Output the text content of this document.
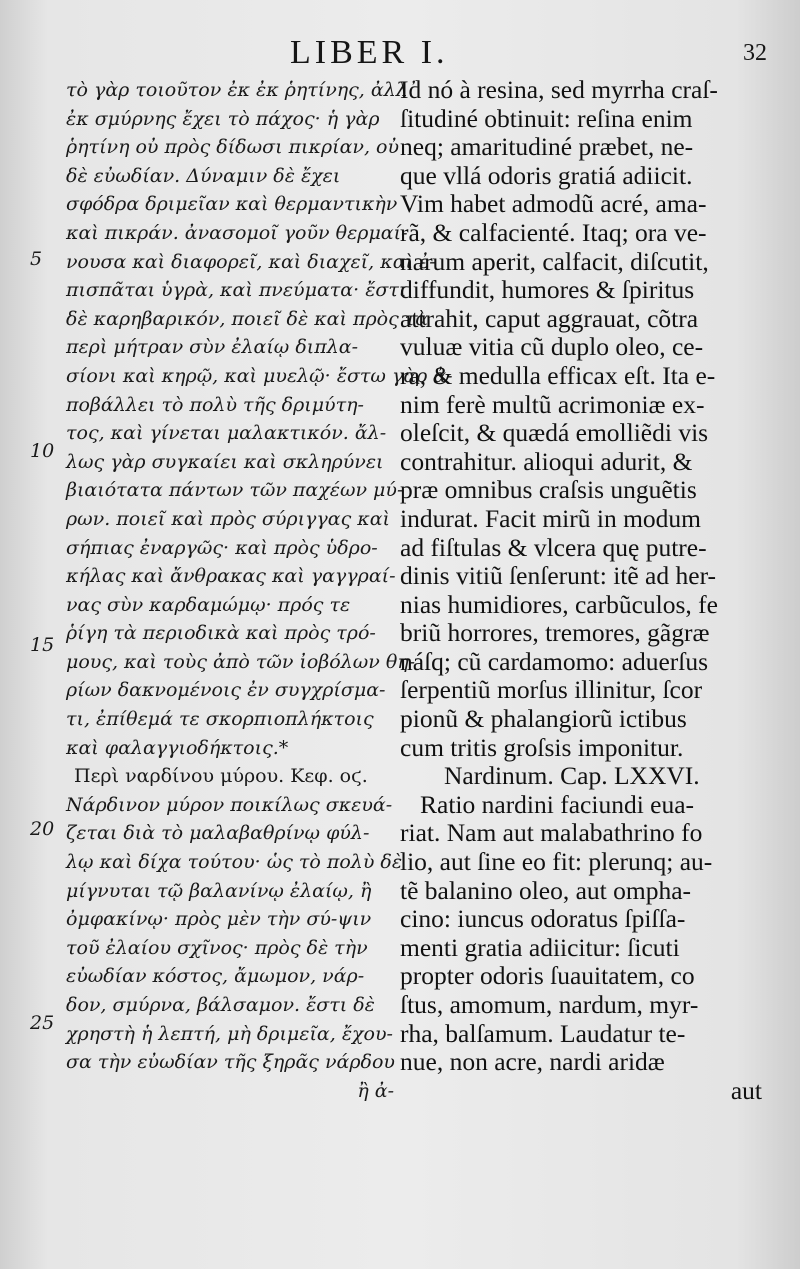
LIBER I.	32
5
10
15
20
25
τὸ γὰρ τοιοῦτον ἐκ ἐκ ῥητίνης, ἀλλ᾽
ἐκ σμύρνης ἔχει τὸ πάχος· ἡ γὰρ
ῥητίνη οὐ πρὸς δίδωσι πικρίαν, οὐ
δὲ εὐωδίαν. Δύναμιν δὲ ἔχει
σφόδρα δριμεῖαν καὶ θερμαντικὴν
καὶ πικράν. ἀνασομοῖ γοῦν θερμαί-
νουσα καὶ διαφορεῖ, καὶ διαχεῖ, καὶ ἐ-
πισπᾶται ὑγρὰ, καὶ πνεύματα· ἔστι
δὲ καρηβαρικόν, ποιεῖ δὲ καὶ πρὸς τὰ
περὶ μήτραν σὺν ἐλαίῳ διπλα-
σίονι καὶ κηρῷ, καὶ μυελῷ· ἔστω γὰρ ἀ-
ποβάλλει τὸ πολὺ τῆς δριμύτη-
τος, καὶ γίνεται μαλακτικόν. ἄλ-
λως γὰρ συγκαίει καὶ σκληρύνει
βιαιότατα πάντων τῶν παχέων μύ-
ρων. ποιεῖ καὶ πρὸς σύριγγας καὶ
σήπιας ἐναργῶς· καὶ πρὸς ὑδρο-
κήλας καὶ ἄνθρακας καὶ γαγγραί-
νας σὺν καρδαμώμῳ· πρός τε
ῥίγη τὰ περιοδικὰ καὶ πρὸς τρό-
μους, καὶ τοὺς ἀπὸ τῶν ἰοβόλων θη-
ρίων δακνομένοις ἐν συγχρίσμα-
τι, ἐπίθεμά τε σκορπιοπλήκτοις
καὶ φαλαγγιοδήκτοις.*
Περὶ ναρδίνου μύρου. Κεφ. οϛ.
Νάρδινον μύρον ποικίλως σκευά-
ζεται διὰ τὸ μαλαβαθρίνῳ φύλ-
λῳ καὶ δίχα τούτου· ὡς τὸ πολὺ δὲ
μίγνυται τῷ βαλανίνῳ ἐλαίῳ, ἢ
ὀμφακίνῳ· πρὸς μὲν τὴν σύ-ψιν
τοῦ ἐλαίου σχῖνος· πρὸς δὲ τὴν
εὐωδίαν κόστος, ἄμωμον, νάρ-
δον, σμύρνα, βάλσαμον. ἔστι δὲ
χρηστὴ ἡ λεπτή, μὴ δριμεῖα, ἔχου-
σα τὴν εὐωδίαν τῆς ξηρᾶς νάρδου
ἢ ἀ-
Id nó à resina, sed myrrha craſ-
ſitudiné obtinuit: reſina enim
neq; amaritudiné præbet, ne-
que vllá odoris gratiá adiicit.
Vim habet admodũ acré, ama-
rã, & calfacienté. Itaq; ora ve-
narum aperit, calfacit, diſcutit,
diffundit, humores & ſpiritus
attrahit, caput aggrauat, cõtra
vuluæ vitia cũ duplo oleo, ce-
ra, & medulla efficax eſt. Ita e-
nim ferè multũ acrimoniæ ex-
oleſcit, & quædá emolliẽdi vis
contrahitur. alioqui adurit, &
præ omnibus craſsis unguẽtis
indurat. Facit mirũ in modum
ad fiſtulas & vlcera quę putre-
dinis vitiũ ſenſerunt: itẽ ad her-
nias humidiores, carbũculos, fe
briũ horrores, tremores, gãgræ
náſq; cũ cardamomo: aduerſus
ſerpentiũ morſus illinitur, ſcor
pionũ & phalangiorũ ictibus
cum tritis groſsis imponitur.
Nardinum. Cap. LXXVI.
Ratio nardini faciundi eua-
riat. Nam aut malabathrino fo
lio, aut ſine eo fit: plerunq; au-
tẽ balanino oleo, aut ompha-
cino: iuncus odoratus ſpiſſa-
menti gratia adiicitur: ſicuti
propter odoris ſuauitatem, co
ſtus, amomum, nardum, myr-
rha, balſamum. Laudatur te-
nue, non acre, nardi aridæ
aut
